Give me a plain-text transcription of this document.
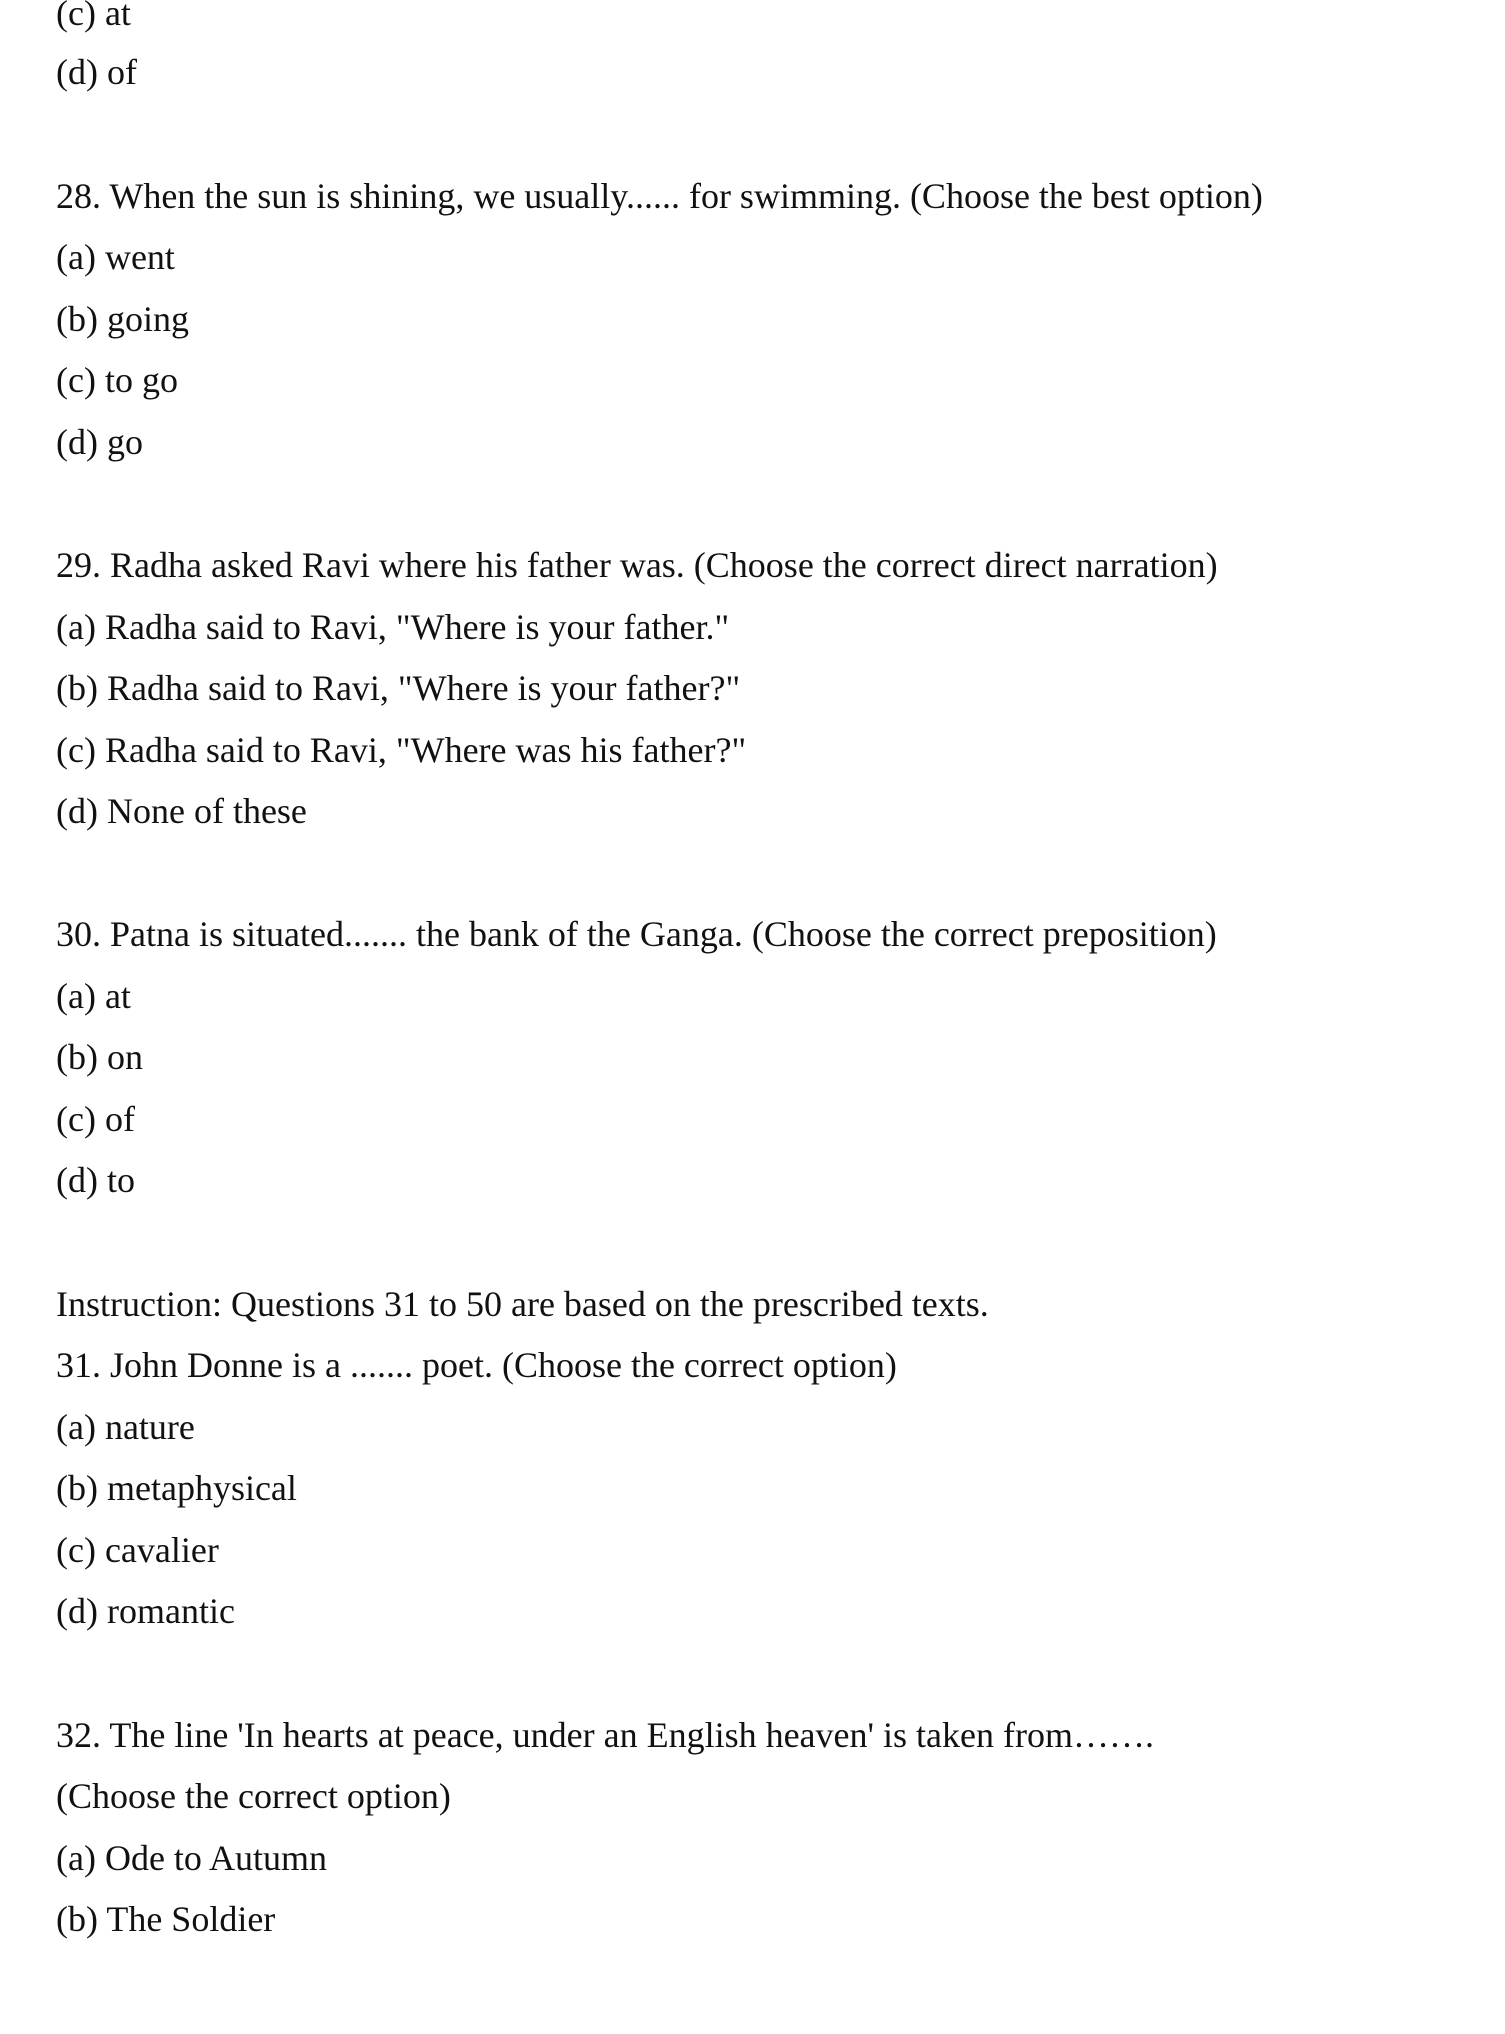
(c) at
(d) of
28. When the sun is shining, we usually...... for swimming. (Choose the best option)
(a) went
(b) going
(c) to go
(d) go
29. Radha asked Ravi where his father was. (Choose the correct direct narration)
(a) Radha said to Ravi, "Where is your father."
(b) Radha said to Ravi, "Where is your father?"
(c) Radha said to Ravi, "Where was his father?"
(d) None of these
30. Patna is situated....... the bank of the Ganga. (Choose the correct preposition)
(a) at
(b) on
(c) of
(d) to
Instruction: Questions 31 to 50 are based on the prescribed texts.
31. John Donne is a ....... poet. (Choose the correct option)
(a) nature
(b) metaphysical
(c) cavalier
(d) romantic
32. The line 'In hearts at peace, under an English heaven' is taken from…….
(Choose the correct option)
(a) Ode to Autumn
(b) The Soldier
